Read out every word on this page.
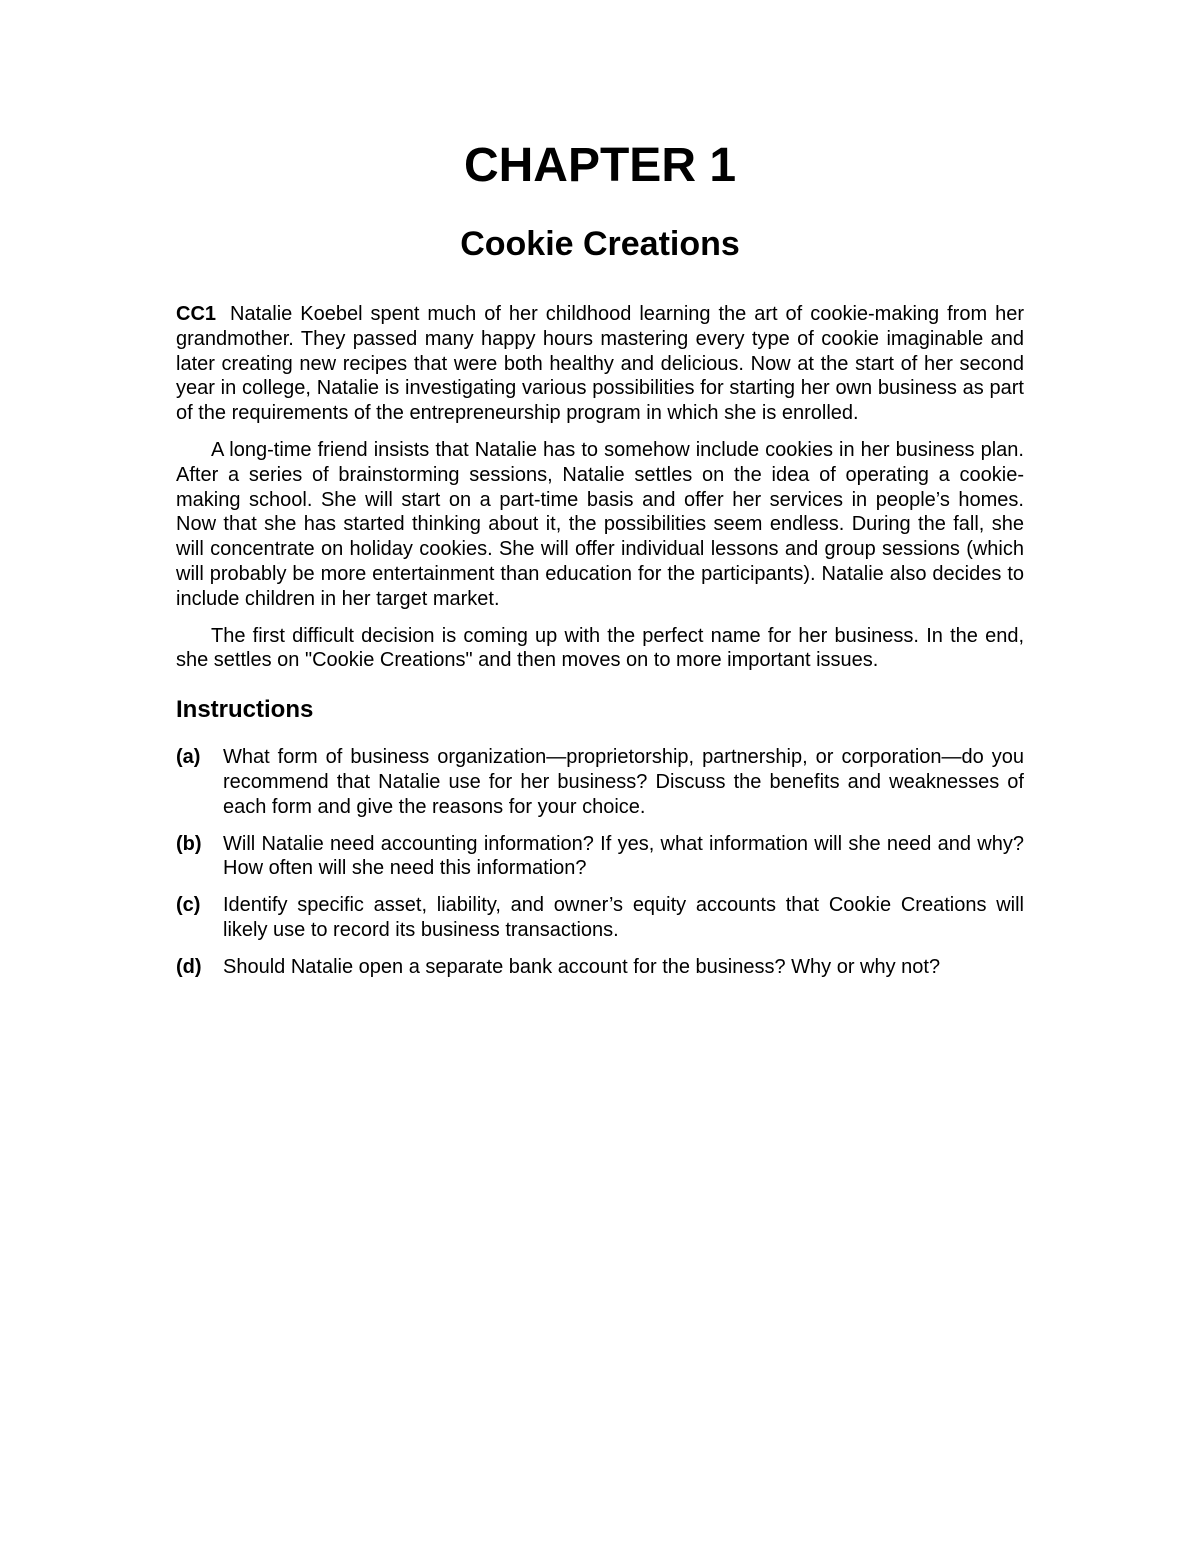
CHAPTER 1
Cookie Creations

CC1 Natalie Koebel spent much of her childhood learning the art of cookie-making from her grandmother. They passed many happy hours mastering every type of cookie imaginable and later creating new recipes that were both healthy and delicious. Now at the start of her second year in college, Natalie is investigating various possibilities for starting her own business as part of the requirements of the entrepreneurship program in which she is enrolled.

A long-time friend insists that Natalie has to somehow include cookies in her business plan. After a series of brainstorming sessions, Natalie settles on the idea of operating a cookie-making school. She will start on a part-time basis and offer her services in people’s homes. Now that she has started thinking about it, the possibilities seem endless. During the fall, she will concentrate on holiday cookies. She will offer individual lessons and group sessions (which will probably be more entertainment than education for the participants). Natalie also decides to include children in her target market.

The first difficult decision is coming up with the perfect name for her business. In the end, she settles on "Cookie Creations" and then moves on to more important issues.

Instructions
(a)	What form of business organization—proprietorship, partnership, or corporation—do you recommend that Natalie use for her business? Discuss the benefits and weaknesses of each form and give the reasons for your choice.
(b)	Will Natalie need accounting information? If yes, what information will she need and why? How often will she need this information?
(c)	Identify specific asset, liability, and owner’s equity accounts that Cookie Creations will likely use to record its business transactions.
(d)	Should Natalie open a separate bank account for the business? Why or why not?
